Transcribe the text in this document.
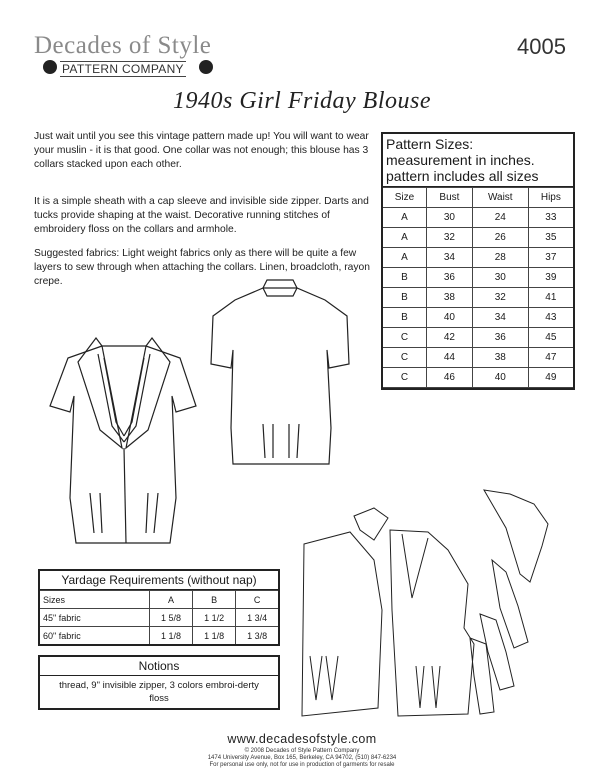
Decades of Style
PATTERN COMPANY
4005
1940s Girl Friday Blouse
Just wait until you see this vintage pattern made up! You will want to wear your muslin - it is that good. One collar was not enough; this blouse has 3 collars stacked upon each other.
It is a simple sheath with a cap sleeve and invisible side zipper. Darts and tucks provide shaping at the waist. Decorative running stitches of embroidery floss on the collars and armhole.
Suggested fabrics: Light weight fabrics only as there will be quite a few layers to sew through when attaching the collars. Linen, broadcloth, rayon crepe.
Pattern Sizes:
measurement in inches.
pattern includes all sizes
Size	Bust	Waist	Hips
A	30	24	33
A	32	26	35
A	34	28	37
B	36	30	39
B	38	32	41
B	40	34	43
C	42	36	45
C	44	38	47
C	46	40	49
Yardage Requirements (without nap)
Sizes	A	B	C
45" fabric	1 5/8	1 1/2	1 3/4
60" fabric	1 1/8	1 1/8	1 3/8
Notions
thread, 9" invisible zipper, 3 colors embroi-derty floss
www.decadesofstyle.com
© 2008 Decades of Style Pattern Company
1474 University Avenue, Box 165, Berkeley, CA 94702, (510) 847-6234
For personal use only, not for use in production of garments for resale
